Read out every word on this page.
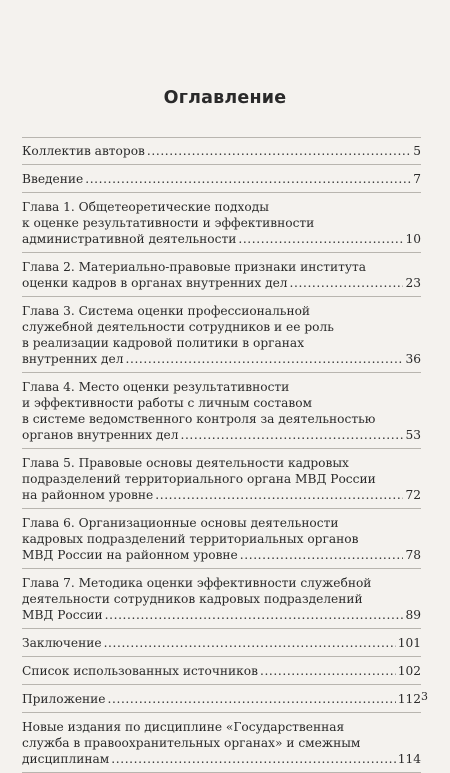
Оглавление
Коллектив авторов .....	5
Введение .....	7
Глава 1. Общетеоретические подходы
к оценке результативности и эффективности
административной деятельности .....	10
Глава 2. Материально-правовые признаки института
оценки кадров в органах внутренних дел .....	23
Глава 3. Система оценки профессиональной
служебной деятельности сотрудников и ее роль
в реализации кадровой политики в органах
внутренних дел .....	36
Глава 4. Место оценки результативности
и эффективности работы с личным составом
в системе ведомственного контроля за деятельностью
органов внутренних дел .....	53
Глава 5. Правовые основы деятельности кадровых
подразделений территориального органа МВД России
на районном уровне .....	72
Глава 6. Организационные основы деятельности
кадровых подразделений территориальных органов
МВД России на районном уровне .....	78
Глава 7. Методика оценки эффективности служебной
деятельности сотрудников кадровых подразделений
МВД России .....	89
Заключение .....	101
Список использованных источников .....	102
Приложение .....	112
Новые издания по дисциплине «Государственная
служба в правоохранительных органах» и смежным
дисциплинам .....	114
3
